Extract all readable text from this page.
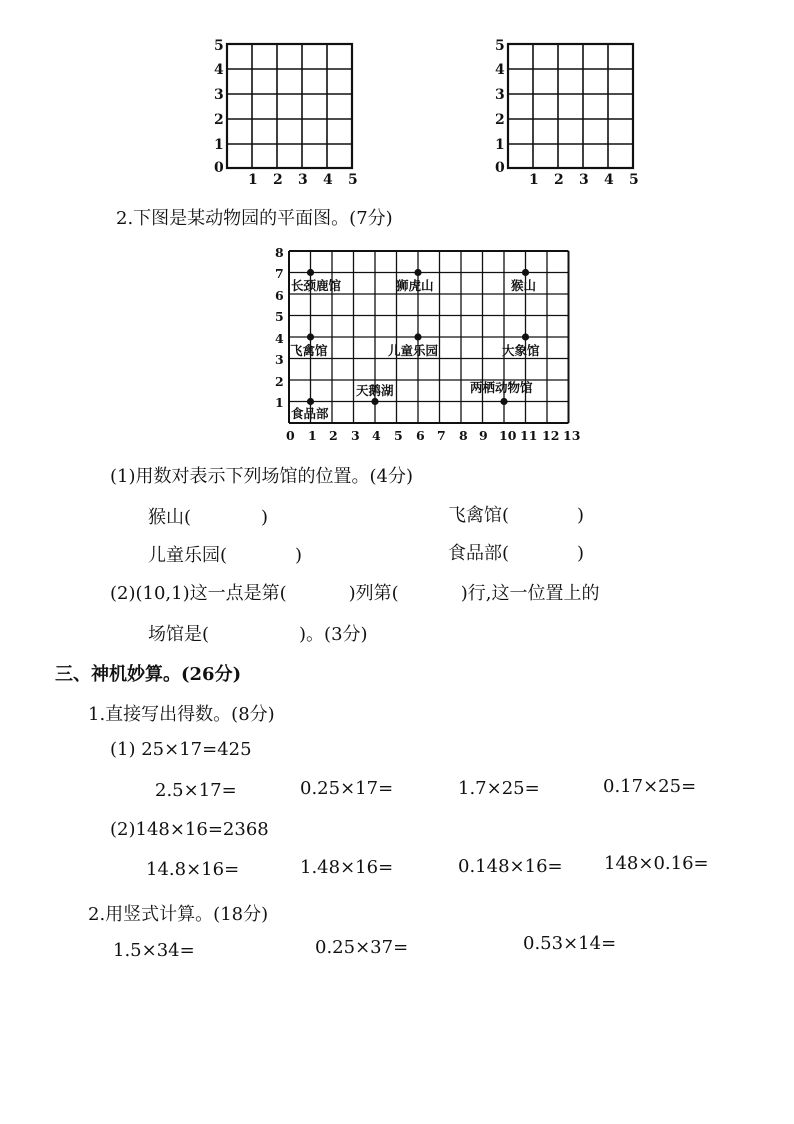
5
4
3
2
1
0
1 2 3 4 5
5
4
3
2
1
0
1 2 3 4 5
2.下图是某动物园的平面图。(7分)
1
2
3
4
5
6
7
8
0 1 2 3 4 5 6 7 8 9 10 11 12 13
长颈鹿馆	狮虎山	猴山
飞禽馆	儿童乐园	大象馆
天鹅湖	两栖动物馆
食品部
(1)用数对表示下列场馆的位置。(4分)
猴山(	)	飞禽馆(	)
儿童乐园(	)	食品部(	)
(2)(10,1)这一点是第(	)列第(	)行,这一位置上的
场馆是(	)。(3分)
三、神机妙算。(26分)
1.直接写出得数。(8分)
(1) 25×17=425
2.5×17=	0.25×17=	1.7×25=	0.17×25=
(2)148×16=2368
14.8×16=	1.48×16=	0.148×16= 148×0.16=
2.用竖式计算。(18分)
1.5×34=	0.25×37=	0.53×14=
